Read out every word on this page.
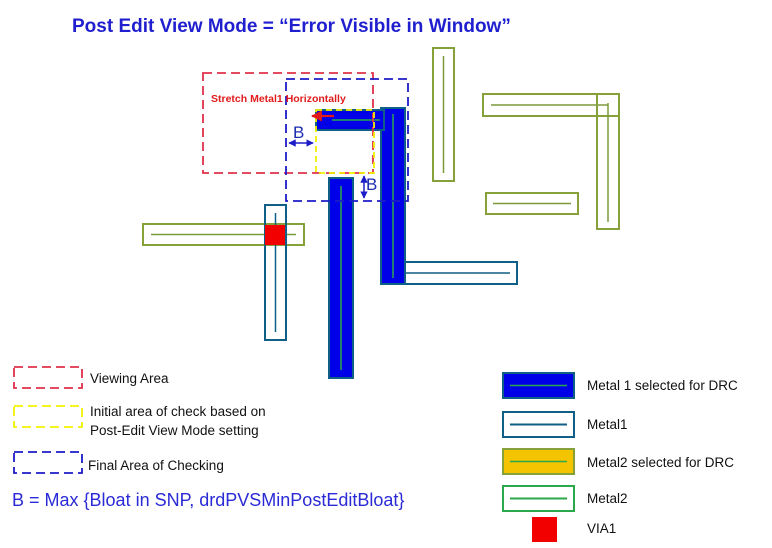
Post Edit View Mode = “Error Visible in Window”
Stretch Metal1 Horizontally
B
B
Viewing Area
Initial area of check based on
Post-Edit View Mode setting
Final Area of Checking
B = Max {Bloat in SNP, drdPVSMinPostEditBloat}
Metal 1 selected for DRC
Metal1
Metal2 selected for DRC
Metal2
VIA1
